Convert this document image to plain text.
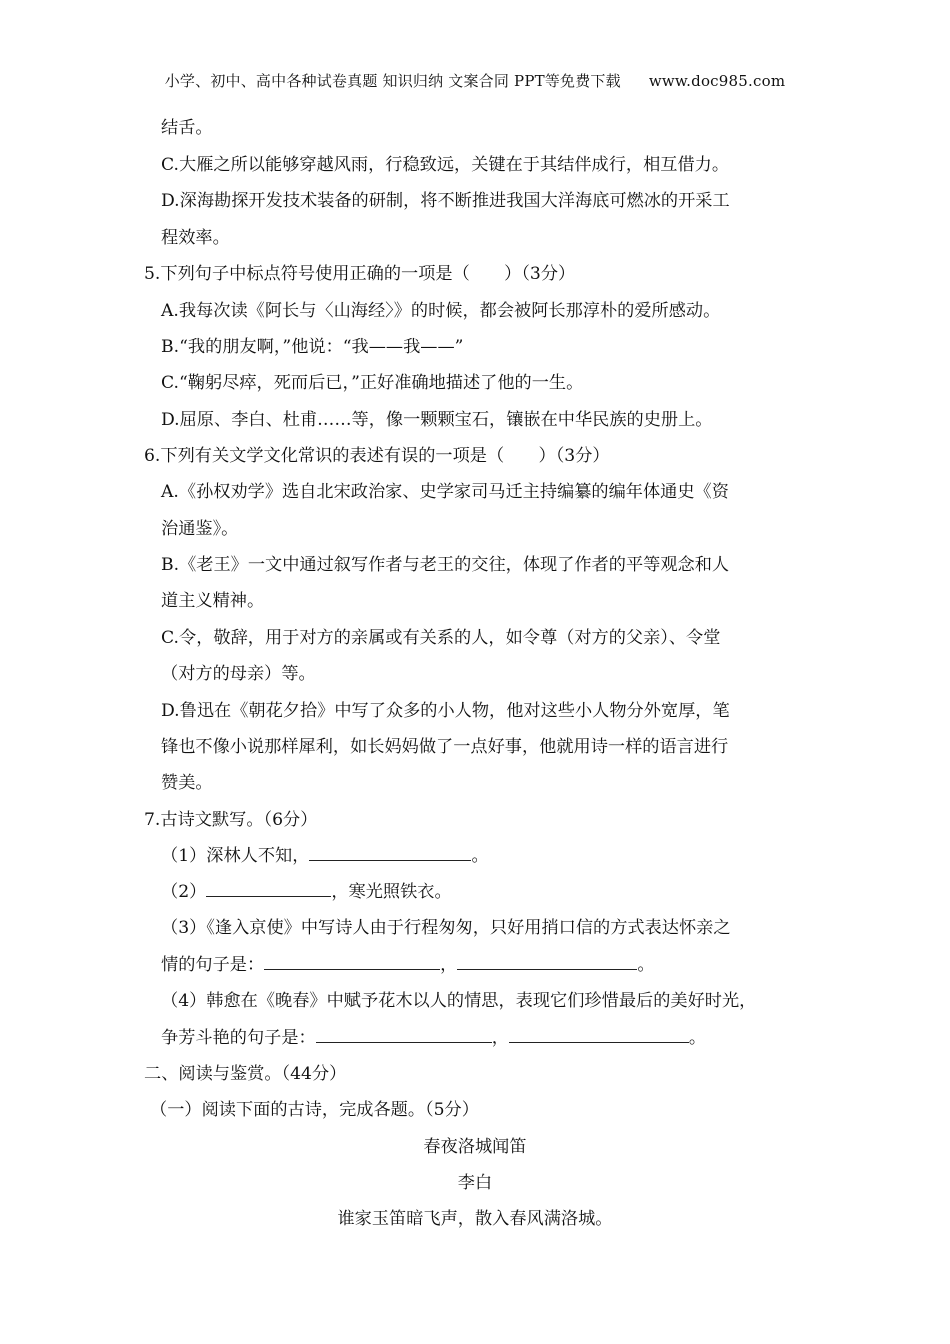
小学、初中、高中各种试卷真题 知识归纳 文案合同 PPT等免费下载 www.doc985.com
结舌。
C.大雁之所以能够穿越风雨，行稳致远，关键在于其结伴成行，相互借力。
D.深海勘探开发技术装备的研制，将不断推进我国大洋海底可燃冰的开采工
程效率。
5.下列句子中标点符号使用正确的一项是（　　）（3分）
A.我每次读《阿长与〈山海经〉》的时候，都会被阿长那淳朴的爱所感动。
B.“我的朋友啊，”他说：“我——我——”
C.“鞠躬尽瘁，死而后已，”正好准确地描述了他的一生。
D.屈原、李白、杜甫……等，像一颗颗宝石，镶嵌在中华民族的史册上。
6.下列有关文学文化常识的表述有误的一项是（　　）（3分）
A.《孙权劝学》选自北宋政治家、史学家司马迁主持编纂的编年体通史《资
治通鉴》。
B.《老王》一文中通过叙写作者与老王的交往，体现了作者的平等观念和人
道主义精神。
C.令，敬辞，用于对方的亲属或有关系的人，如令尊（对方的父亲）、令堂
（对方的母亲）等。
D.鲁迅在《朝花夕拾》中写了众多的小人物，他对这些小人物分外宽厚，笔
锋也不像小说那样犀利，如长妈妈做了一点好事，他就用诗一样的语言进行
赞美。
7.古诗文默写。（6分）
（1）深林人不知，	。
（2）	，寒光照铁衣。
（3）《逢入京使》中写诗人由于行程匆匆，只好用捎口信的方式表达怀亲之
情的句子是：	，	。
（4）韩愈在《晚春》中赋予花木以人的情思，表现它们珍惜最后的美好时光，
争芳斗艳的句子是：	，	。
二、阅读与鉴赏。（44分）
（一）阅读下面的古诗，完成各题。（5分）
春夜洛城闻笛
李白
谁家玉笛暗飞声，散入春风满洛城。
